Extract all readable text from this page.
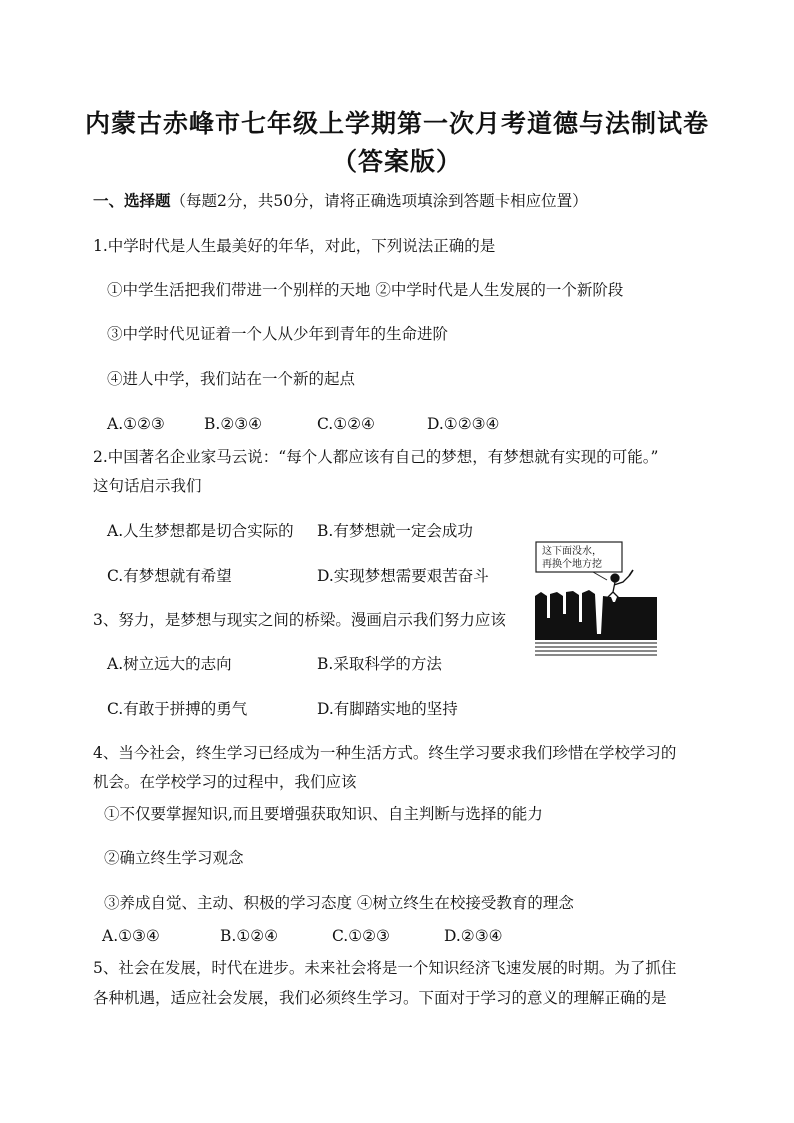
内蒙古赤峰市七年级上学期第一次月考道德与法制试卷
（答案版）
一、选择题（每题2分，共50分，请将正确选项填涂到答题卡相应位置）
1.中学时代是人生最美好的年华，对此，下列说法正确的是
①中学生活把我们带进一个别样的天地 ②中学时代是人生发展的一个新阶段
③中学时代见证着一个人从少年到青年的生命进阶
④进人中学，我们站在一个新的起点
A.①②③	B.②③④	C.①②④	D.①②③④
2.中国著名企业家马云说：“每个人都应该有自己的梦想，有梦想就有实现的可能。”
这句话启示我们
A.人生梦想都是切合实际的 B.有梦想就一定会成功
C.有梦想就有希望	D.实现梦想需要艰苦奋斗
3、努力，是梦想与现实之间的桥梁。漫画启示我们努力应该
A.树立远大的志向	B.采取科学的方法
C.有敢于拼搏的勇气	D.有脚踏实地的坚持
这下面没水，
再换个地方挖
4、当今社会，终生学习已经成为一种生活方式。终生学习要求我们珍惜在学校学习的
机会。在学校学习的过程中，我们应该
①不仅要掌握知识,而且要增强获取知识、自主判断与选择的能力
②确立终生学习观念
③养成自觉、主动、积极的学习态度 ④树立终生在校接受教育的理念
A.①③④	B.①②④	C.①②③	D.②③④
5、社会在发展，时代在进步。未来社会将是一个知识经济飞速发展的时期。为了抓住
各种机遇，适应社会发展，我们必须终生学习。下面对于学习的意义的理解正确的是
